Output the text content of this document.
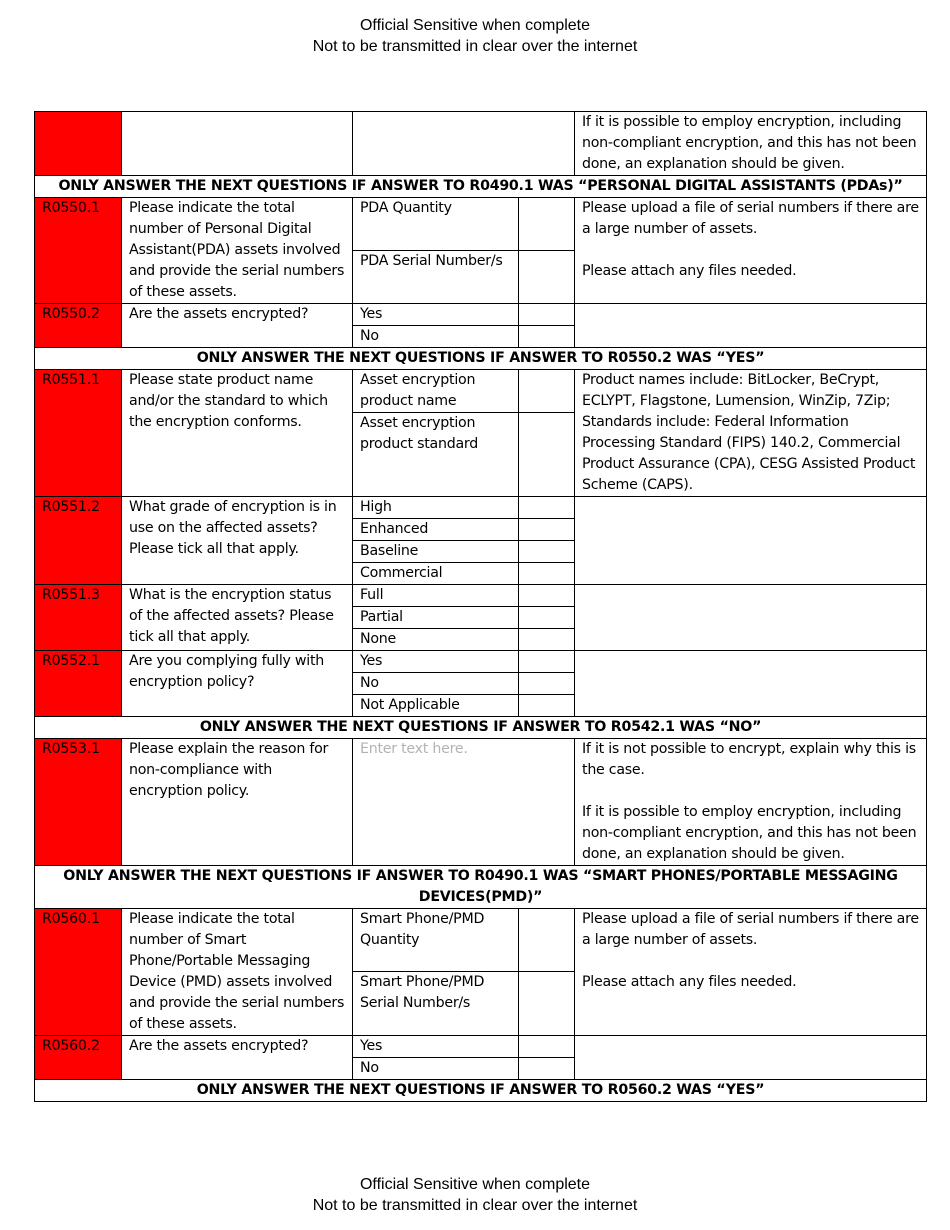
Official Sensitive when complete
Not to be transmitted in clear over the internet
				If it is possible to employ encryption, including non-compliant encryption, and this has not been done, an explanation should be given.
ONLY ANSWER THE NEXT QUESTIONS IF ANSWER TO R0490.1 WAS “PERSONAL DIGITAL ASSISTANTS (PDAs)”				
R0550.1	Please indicate the total number of Personal Digital Assistant(PDA) assets involved and provide the serial numbers of these assets.	PDA Quantity		Please upload a file of serial numbers if there are a large number of assets.
Please attach any files needed.
		PDA Serial Number/s		
R0550.2	Are the assets encrypted?	Yes		
		No		
ONLY ANSWER THE NEXT QUESTIONS IF ANSWER TO R0550.2 WAS “YES”				
R0551.1	Please state product name and/or the standard to which the encryption conforms.	Asset encryption product name		Product names include: BitLocker, BeCrypt, ECLYPT, Flagstone, Lumension, WinZip, 7Zip; Standards include: Federal Information Processing Standard (FIPS) 140.2, Commercial Product Assurance (CPA), CESG Assisted Product Scheme (CAPS).
		Asset encryption product standard		
R0551.2	What grade of encryption is in use on the affected assets? Please tick all that apply.	High		
		Enhanced		
		Baseline		
		Commercial		
R0551.3	What is the encryption status of the affected assets? Please tick all that apply.	Full		
		Partial		
		None		
R0552.1	Are you complying fully with encryption policy?	Yes		
		No		
		Not Applicable		
ONLY ANSWER THE NEXT QUESTIONS IF ANSWER TO R0542.1 WAS “NO”				
R0553.1	Please explain the reason for non-compliance with encryption policy.	Enter text here.		If it is not possible to encrypt, explain why this is the case.
If it is possible to employ encryption, including non-compliant encryption, and this has not been done, an explanation should be given.
ONLY ANSWER THE NEXT QUESTIONS IF ANSWER TO R0490.1 WAS “SMART PHONES/PORTABLE MESSAGING DEVICES(PMD)”				
R0560.1	Please indicate the total number of Smart Phone/Portable Messaging Device (PMD) assets involved and provide the serial numbers of these assets.	Smart Phone/PMD Quantity		Please upload a file of serial numbers if there are a large number of assets.
Please attach any files needed.
		Smart Phone/PMD Serial Number/s		
R0560.2	Are the assets encrypted?	Yes		
		No		
ONLY ANSWER THE NEXT QUESTIONS IF ANSWER TO R0560.2 WAS “YES”				
Official Sensitive when complete
Not to be transmitted in clear over the internet
